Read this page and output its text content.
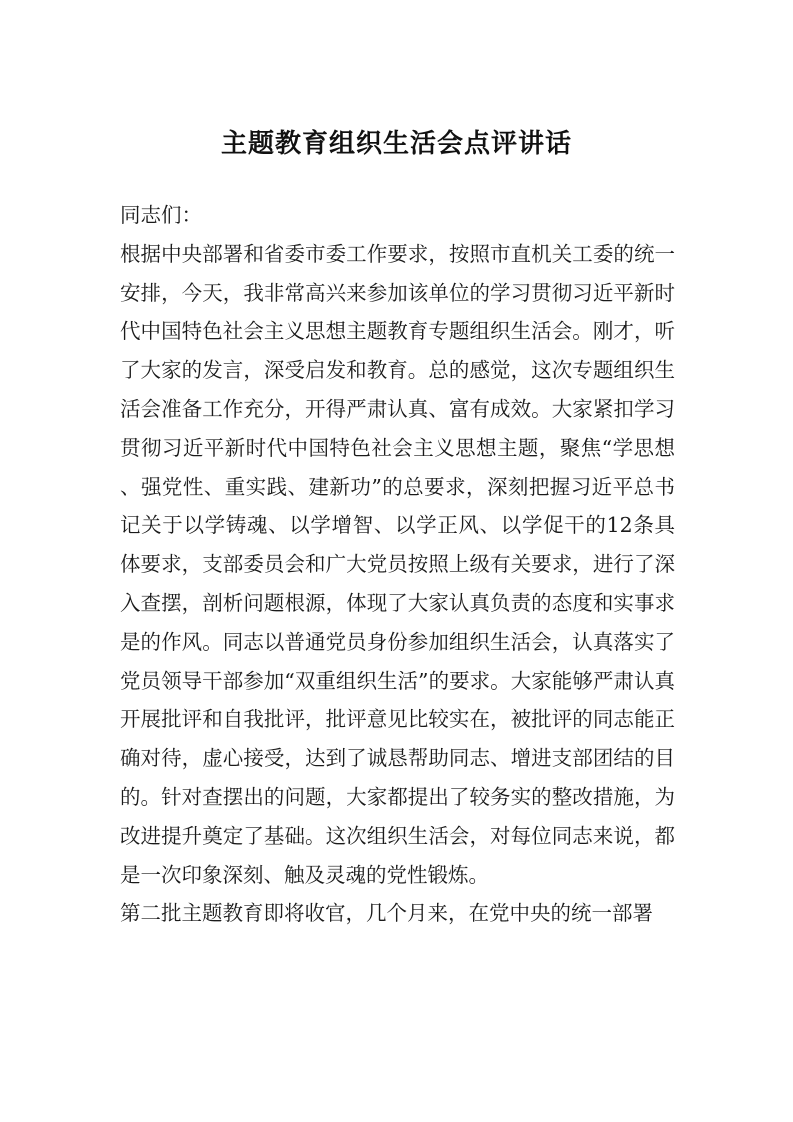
主题教育组织生活会点评讲话

同志们：

根据中央部署和省委市委工作要求，按照市直机关工委的统一安排，今天，我非常高兴来参加该单位的学习贯彻习近平新时代中国特色社会主义思想主题教育专题组织生活会。刚才，听了大家的发言，深受启发和教育。总的感觉，这次专题组织生活会准备工作充分，开得严肃认真、富有成效。大家紧扣学习贯彻习近平新时代中国特色社会主义思想主题，聚焦“学思想、强党性、重实践、建新功”的总要求，深刻把握习近平总书记关于以学铸魂、以学增智、以学正风、以学促干的12条具体要求，支部委员会和广大党员按照上级有关要求，进行了深入查摆，剖析问题根源，体现了大家认真负责的态度和实事求是的作风。同志以普通党员身份参加组织生活会，认真落实了党员领导干部参加“双重组织生活”的要求。大家能够严肃认真开展批评和自我批评，批评意见比较实在，被批评的同志能正确对待，虚心接受，达到了诚恳帮助同志、增进支部团结的目的。针对查摆出的问题，大家都提出了较务实的整改措施，为改进提升奠定了基础。这次组织生活会，对每位同志来说，都是一次印象深刻、触及灵魂的党性锻炼。

第二批主题教育即将收官，几个月来，在党中央的统一部署
